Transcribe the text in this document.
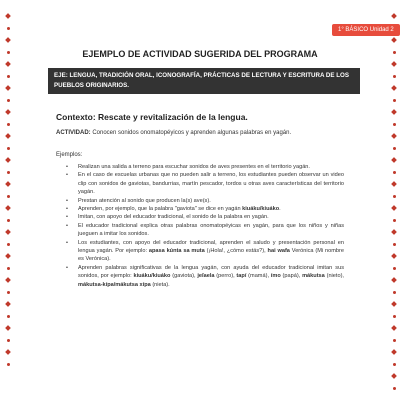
1° BÁSICO Unidad 2
EJEMPLO DE ACTIVIDAD SUGERIDA DEL PROGRAMA
EJE: LENGUA, TRADICIÓN ORAL, ICONOGRAFÍA, PRÁCTICAS DE LECTURA Y ESCRITURA DE LOS PUEBLOS ORIGINARIOS.
Contexto: Rescate y revitalización de la lengua.
ACTIVIDAD: Conocen sonidos onomatopéyicos y aprenden algunas palabras en yagán.
Ejemplos:
• Realizan una salida a terreno para escuchar sonidos de aves presentes en el territorio yagán.
• En el caso de escuelas urbanas que no pueden salir a terreno, los estudiantes pueden observar un video clip con sonidos de gaviotas, bandurrias, martín pescador, tordos u otras aves características del territorio yagán.
• Prestan atención al sonido que producen la(s) ave(s).
• Aprenden, por ejemplo, que la palabra "gaviota" se dice en yagán kiuáku/kiuáko.
• Imitan, con apoyo del educador tradicional, el sonido de la palabra en yagán.
• El educador tradicional explica otras palabras onomatopéyicas en yagán, para que los niños y niñas jueguen a imitar los sonidos.
• Los estudiantes, con apoyo del educador tradicional, aprenden el saludo y presentación personal en lengua yagán. Por ejemplo: apasa kúnta sa muta (¡Hola!, ¿cómo estás?), hai wafa Verónica (Mi nombre es Verónica).
• Aprenden palabras significativas de la lengua yagán, con ayuda del educador tradicional imitan sus sonidos, por ejemplo: kiuáku/kiuáko (gaviota), jeſaela (perro), tapí (mamá), ímo (papá), mákutsa (nieto), mákutsa-kípa/mákutsa xípa (nieta).
